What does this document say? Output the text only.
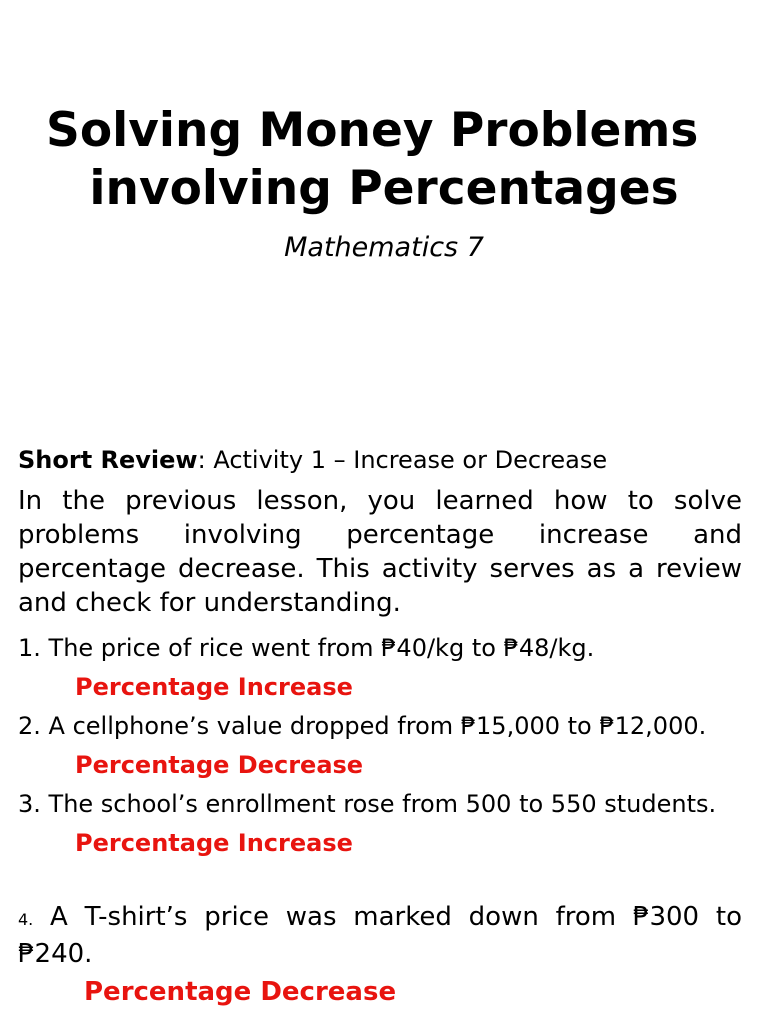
Solving Money Problems
involving Percentages
Mathematics 7

Short Review: Activity 1 – Increase or Decrease

In the previous lesson, you learned how to solve problems involving percentage increase and percentage decrease. This activity serves as a review and check for understanding.

1. The price of rice went from ₱40/kg to ₱48/kg.

Percentage Increase

2. A cellphone’s value dropped from ₱15,000 to ₱12,000.

Percentage Decrease

3. The school’s enrollment rose from 500 to 550 students.

Percentage Increase

4. A T-shirt’s price was marked down from ₱300 to ₱240.

Percentage Decrease
